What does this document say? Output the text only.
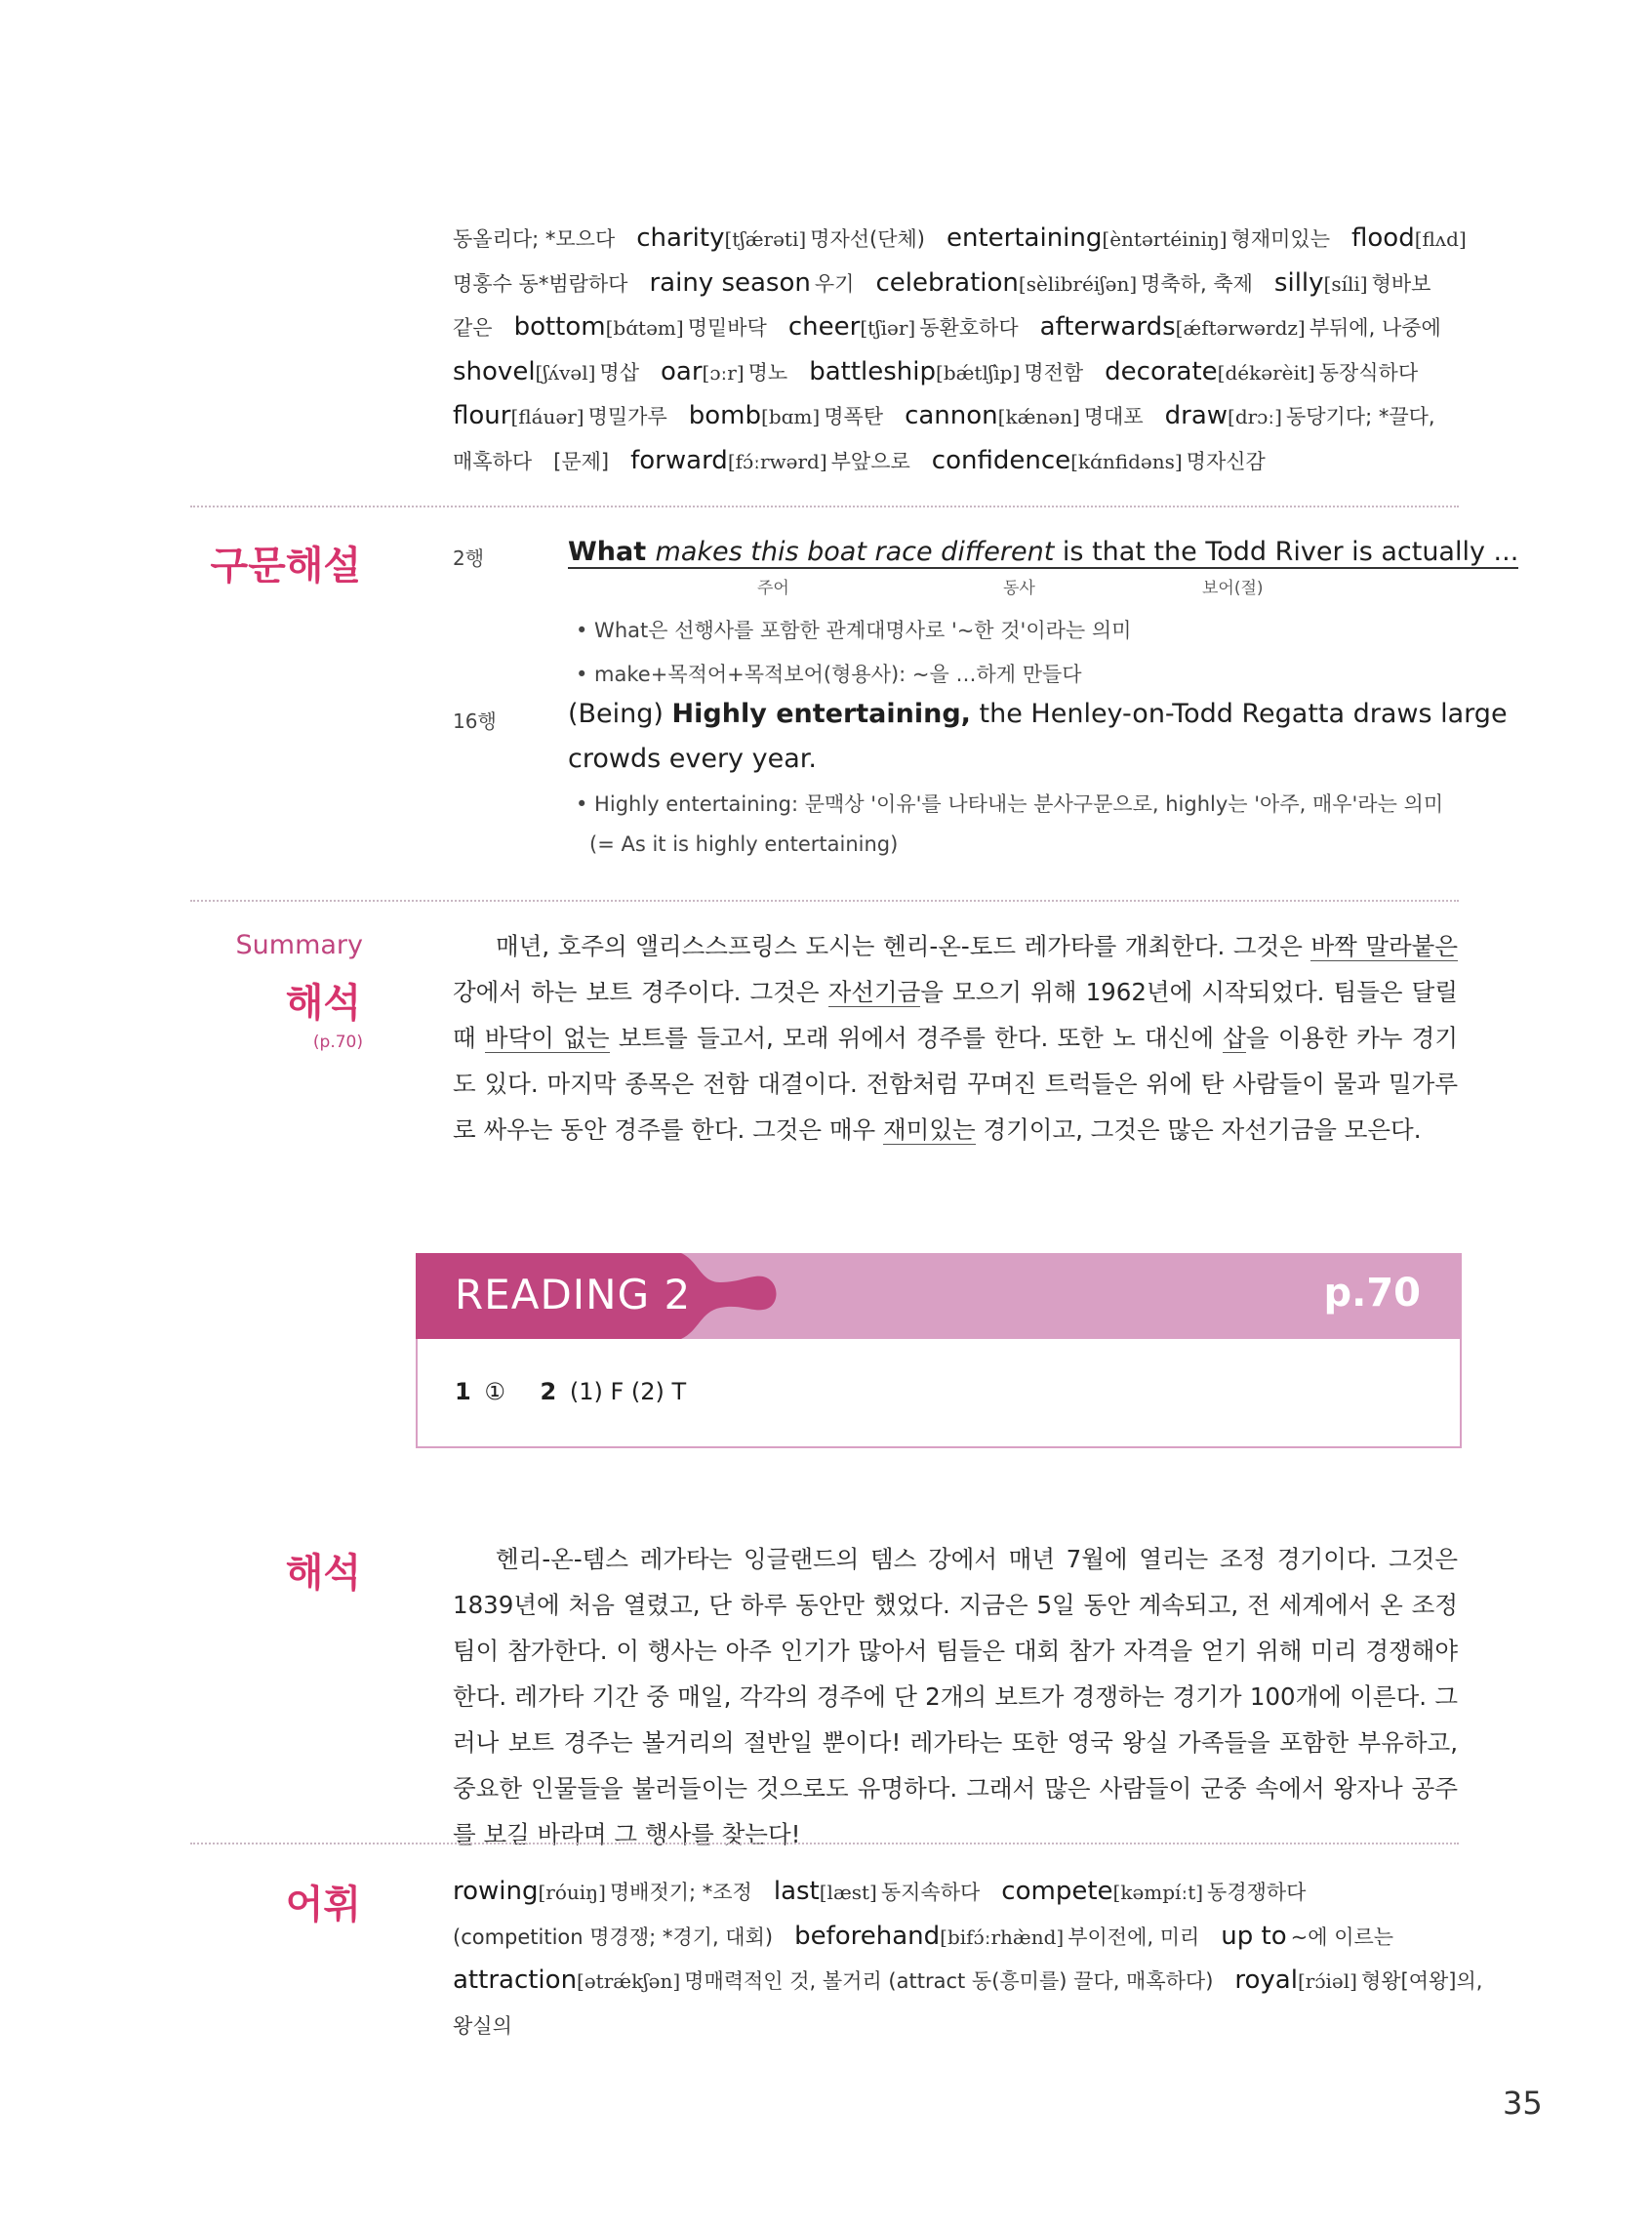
동올리다; *모으다 charity[tʃǽrəti] 명자선(단체) entertaining[èntərtéiniŋ] 형재미있는 flood[flʌd]
명홍수 동*범람하다 rainy season 우기 celebration[sèlibréiʃən] 명축하, 축제 silly[síli] 형바보
같은 bottom[bɑ́təm] 명밑바닥 cheer[tʃiər] 동환호하다 afterwards[ǽftərwərdz] 부뒤에, 나중에
shovel[ʃʌ́vəl] 명삽 oar[ɔːr] 명노 battleship[bǽtlʃìp] 명전함 decorate[dékərèit] 동장식하다
flour[fláuər] 명밀가루 bomb[bɑm] 명폭탄 cannon[kǽnən] 명대포 draw[drɔː] 동당기다; *끌다,
매혹하다 [문제] forward[fɔ́ːrwərd] 부앞으로 confidence[kɑ́nfidəns] 명자신감
구문해설	2행	What makes this boat race different is that the Todd River is actually ...
주어	동사	보어(절)
• What은 선행사를 포함한 관계대명사로 '~한 것'이라는 의미
• make+목적어+목적보어(형용사): ~을 …하게 만들다
16행	(Being) Highly entertaining, the Henley-on-Todd Regatta draws large
crowds every year.
• Highly entertaining: 문맥상 '이유'를 나타내는 분사구문으로, highly는 '아주, 매우'라는 의미
(= As it is highly entertaining)
Summary
해석
(p.70)

매년, 호주의 앨리스스프링스 도시는 헨리-온-토드 레가타를 개최한다. 그것은 바짝 말라붙은 강에서 하는 보트 경주이다. 그것은 자선기금을 모으기 위해 1962년에 시작되었다. 팀들은 달릴 때 바닥이 없는 보트를 들고서, 모래 위에서 경주를 한다. 또한 노 대신에 삽을 이용한 카누 경기도 있다. 마지막 종목은 전함 대결이다. 전함처럼 꾸며진 트럭들은 위에 탄 사람들이 물과 밀가루로 싸우는 동안 경주를 한다. 그것은 매우 재미있는 경기이고, 그것은 많은 자선기금을 모은다.

READING 2	p.70
1 ① 2 (1) F (2) T
해석	헨리-온-템스 레가타는 잉글랜드의 템스 강에서 매년 7월에 열리는 조정 경기이다. 그것은 1839년에 처음 열렸고, 단 하루 동안만 했었다. 지금은 5일 동안 계속되고, 전 세계에서 온 조정 팀이 참가한다. 이 행사는 아주 인기가 많아서 팀들은 대회 참가 자격을 얻기 위해 미리 경쟁해야 한다. 레가타 기간 중 매일, 각각의 경주에 단 2개의 보트가 경쟁하는 경기가 100개에 이른다. 그러나 보트 경주는 볼거리의 절반일 뿐이다! 레가타는 또한 영국 왕실 가족들을 포함한 부유하고, 중요한 인물들을 불러들이는 것으로도 유명하다. 그래서 많은 사람들이 군중 속에서 왕자나 공주를 보길 바라며 그 행사를 찾는다!

어휘	rowing[róuiŋ] 명배젓기; *조정 last[læst] 동지속하다 compete[kəmpíːt] 동경쟁하다
(competition 명경쟁; *경기, 대회) beforehand[bifɔ́ːrhæ̀nd] 부이전에, 미리 up to ~에 이르는
attraction[ətrǽkʃən] 명매력적인 것, 볼거리 (attract 동(흥미를) 끌다, 매혹하다) royal[rɔ́iəl] 형왕[여왕]의,
왕실의
35
